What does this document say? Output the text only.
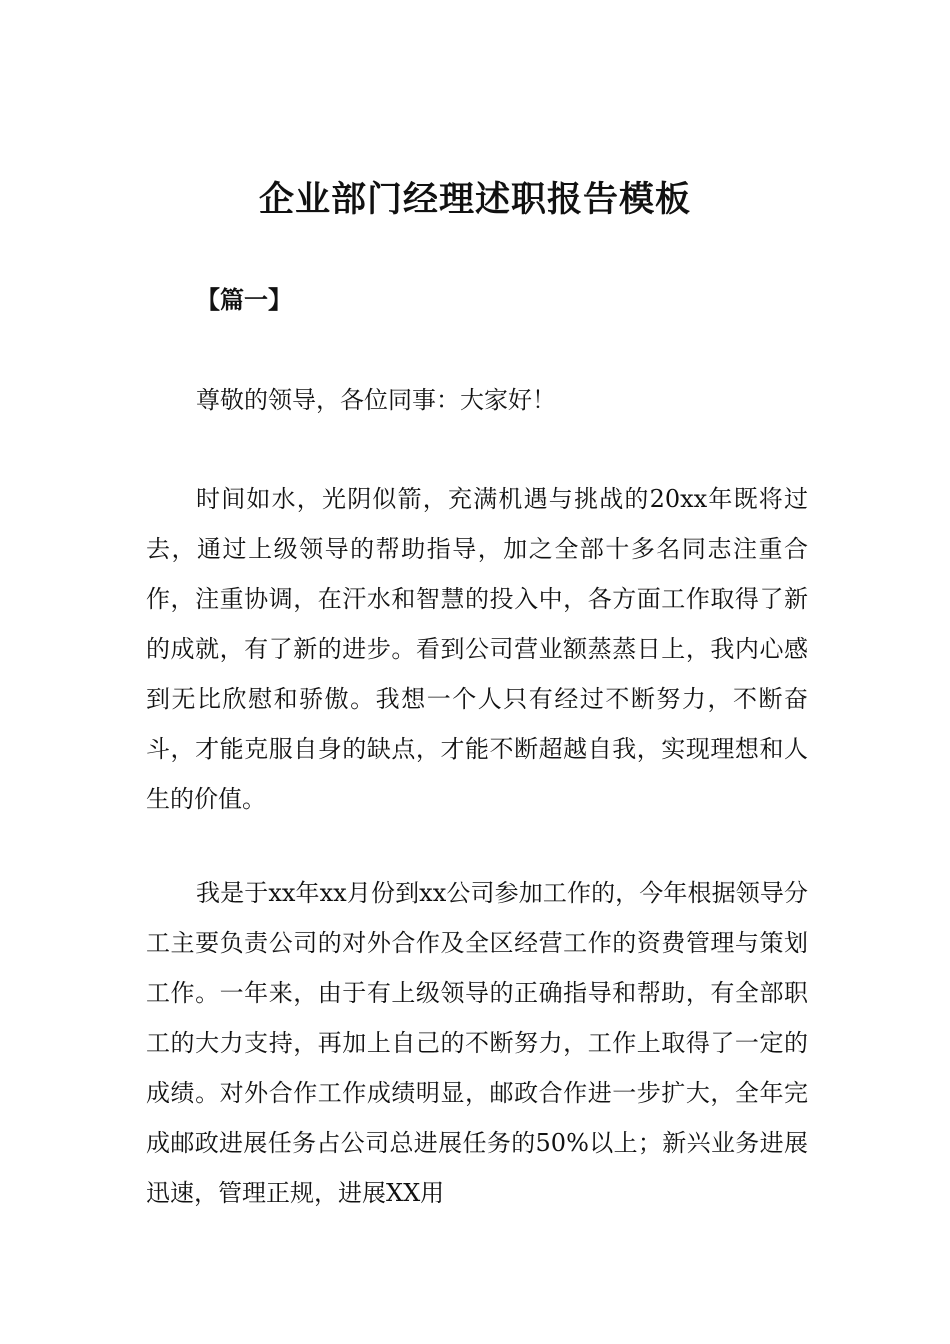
企业部门经理述职报告模板
【篇一】
尊敬的领导，各位同事：大家好！

时间如水，光阴似箭，充满机遇与挑战的20xx年既将过去，通过上级领导的帮助指导，加之全部十多名同志注重合作，注重协调，在汗水和智慧的投入中，各方面工作取得了新的成就，有了新的进步。看到公司营业额蒸蒸日上，我内心感到无比欣慰和骄傲。我想一个人只有经过不断努力，不断奋斗，才能克服自身的缺点，才能不断超越自我，实现理想和人生的价值。

我是于xx年xx月份到xx公司参加工作的，今年根据领导分工主要负责公司的对外合作及全区经营工作的资费管理与策划工作。一年来，由于有上级领导的正确指导和帮助，有全部职工的大力支持，再加上自己的不断努力，工作上取得了一定的成绩。对外合作工作成绩明显，邮政合作进一步扩大，全年完成邮政进展任务占公司总进展任务的50%以上；新兴业务进展迅速，管理正规，进展XX用
